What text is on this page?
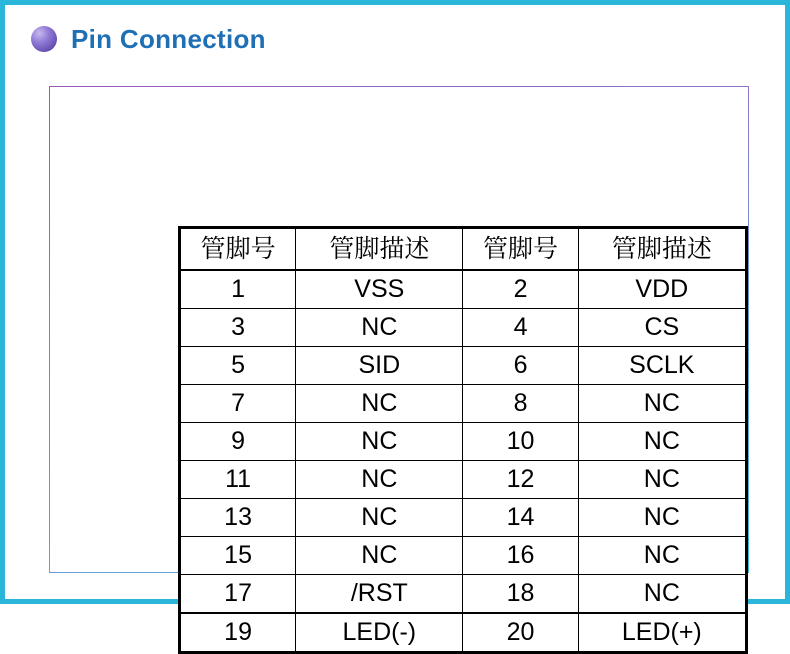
Pin Connection
管脚号	管脚描述	管脚号	管脚描述
1	VSS	2	VDD
3	NC	4	CS
5	SID	6	SCLK
7	NC	8	NC
9	NC	10	NC
11	NC	12	NC
13	NC	14	NC
15	NC	16	NC
17	/RST	18	NC
19	LED(-)	20	LED(+)
